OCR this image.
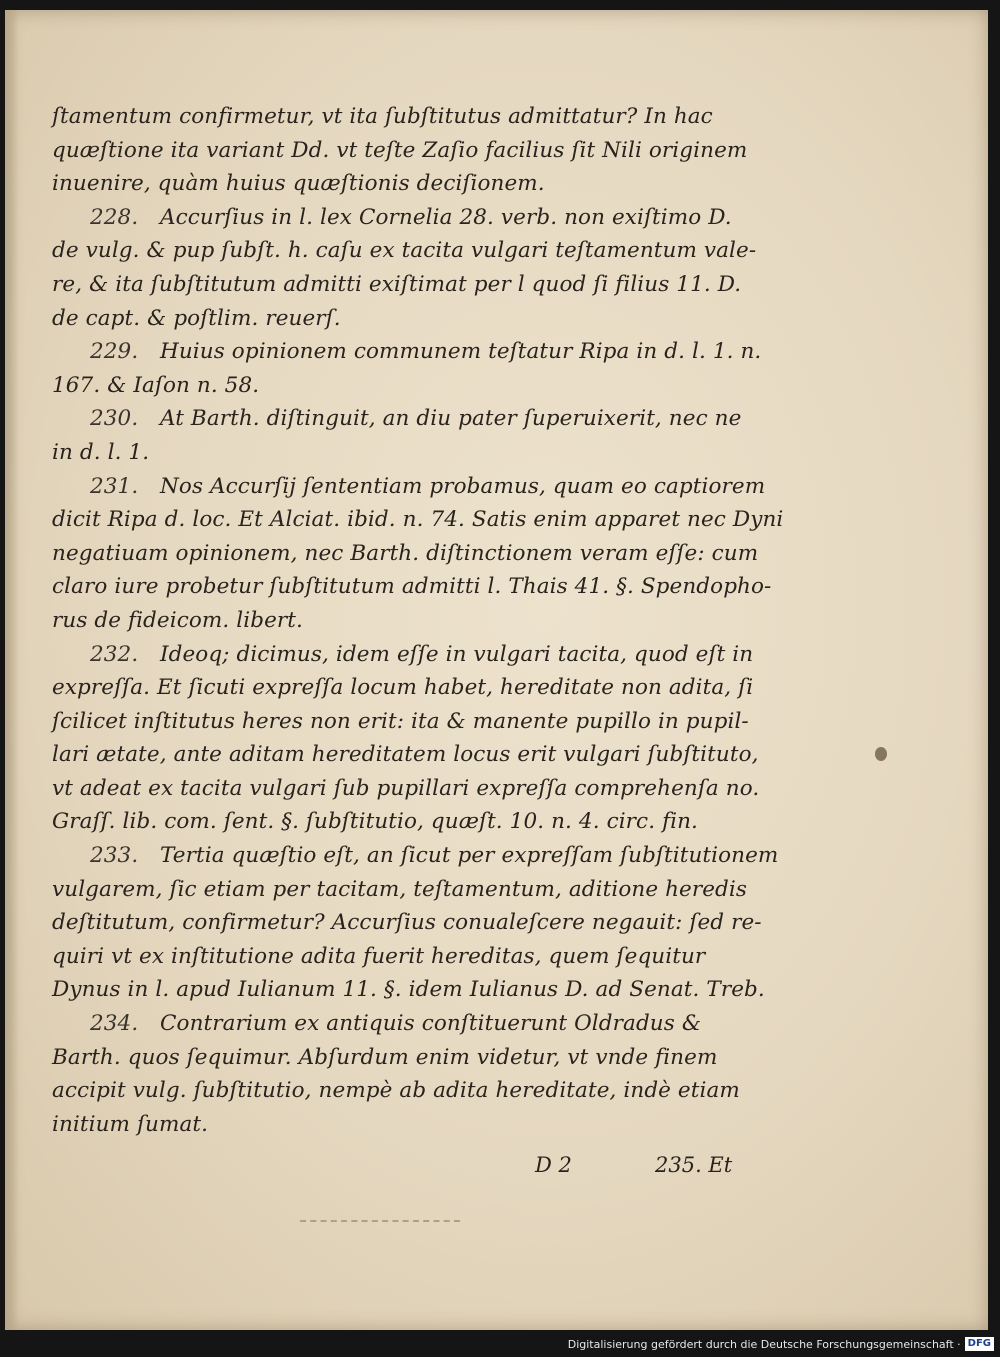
ſtamentum confirmetur, vt ita ſubſtitutus admittatur? In hac
quæſtione ita variant Dd. vt teſte Zaſio facilius ſit Nili originem
inuenire, quàm huius quæſtionis deciſionem.
228. Accurſius in l. lex Cornelia 28. verb. non exiſtimo D.
de vulg. & pup ſubſt. h. caſu ex tacita vulgari teſtamentum vale-
re, & ita ſubſtitutum admitti exiſtimat per l quod ſi filius 11. D.
de capt. & poſtlim. reuerſ.
229. Huius opinionem communem teſtatur Ripa in d. l. 1. n.
167. & Iaſon n. 58.
230. At Barth. diſtinguit, an diu pater ſuperuixerit, nec ne
in d. l. 1.
231. Nos Accurſij ſententiam probamus, quam eo captiorem
dicit Ripa d. loc. Et Alciat. ibid. n. 74. Satis enim apparet nec Dyni
negatiuam opinionem, nec Barth. diſtinctionem veram eſſe: cum
claro iure probetur ſubſtitutum admitti l. Thais 41. §. Spendopho-
rus de fideicom. libert.
232. Ideoq; dicimus, idem eſſe in vulgari tacita, quod eſt in
expreſſa. Et ſicuti expreſſa locum habet, hereditate non adita, ſi
ſcilicet inſtitutus heres non erit: ita & manente pupillo in pupil-
lari ætate, ante aditam hereditatem locus erit vulgari ſubſtituto,
vt adeat ex tacita vulgari ſub pupillari expreſſa comprehenſa no.
Graſſ. lib. com. ſent. §. ſubſtitutio, quæſt. 10. n. 4. circ. fin.
233. Tertia quæſtio eſt, an ſicut per expreſſam ſubſtitutionem
vulgarem, ſic etiam per tacitam, teſtamentum, aditione heredis
deſtitutum, confirmetur? Accurſius conualeſcere negauit: ſed re-
quiri vt ex inſtitutione adita fuerit hereditas, quem ſequitur
Dynus in l. apud Iulianum 11. §. idem Iulianus D. ad Senat. Treb.
234. Contrarium ex antiquis conſtituerunt Oldradus &
Barth. quos ſequimur. Abſurdum enim videtur, vt vnde finem
accipit vulg. ſubſtitutio, nempè ab adita hereditate, indè etiam
initium ſumat.
D 2	235. Et
Digitalisierung gefördert durch die Deutsche Forschungsgemeinschaft · DFG
